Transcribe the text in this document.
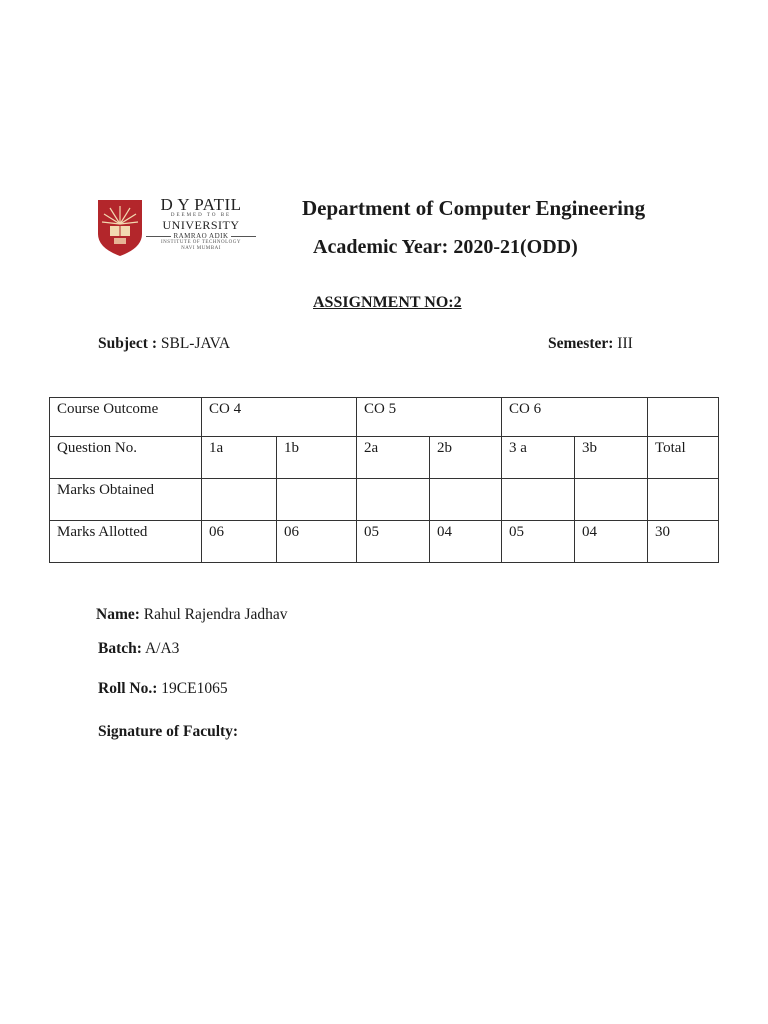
D Y PATIL
DEEMED TO BE
UNIVERSITY
RAMRAO ADIK
INSTITUTE OF TECHNOLOGY
NAVI MUMBAI
Department of Computer Engineering
Academic Year: 2020-21(ODD)
ASSIGNMENT NO:2
Subject : SBL-JAVA	Semester: III
Course Outcome	CO 4		CO 5		CO 6		
Question No.	1a	1b	2a	2b	3 a	3b	Total
Marks Obtained							
Marks Allotted	06	06	05	04	05	04	30
Name: Rahul Rajendra Jadhav
Batch: A/A3
Roll No.: 19CE1065
Signature of Faculty:
